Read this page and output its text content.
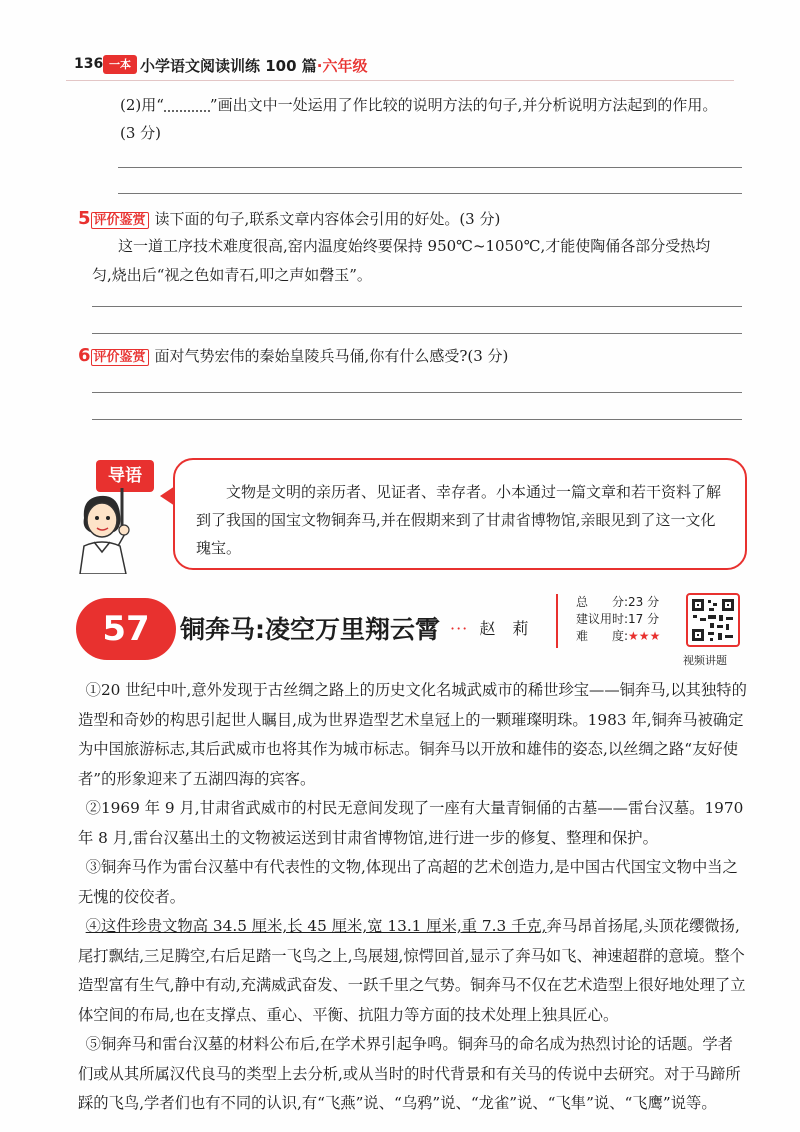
136 一本 小学语文阅读训练 100 篇·六年级
(2)用“	”画出文中一处运用了作比较的说明方法的句子,并分析说明方法起到的作用。
(3 分)
5 评价鉴赏 读下面的句子,联系文章内容体会引用的好处。(3 分)
这一道工序技术难度很高,窑内温度始终要保持 950℃~1050℃,才能使陶俑各部分受热均
匀,烧出后“视之色如青石,叩之声如磬玉”。
6 评价鉴赏 面对气势宏伟的秦始皇陵兵马俑,你有什么感受?(3 分)
导语
文物是文明的亲历者、见证者、幸存者。小本通过一篇文章和若干资料了解到了我国的国宝文物铜奔马,并在假期来到了甘肃省博物馆,亲眼见到了这一文化瑰宝。
57	铜奔马:凌空万里翔云霄 ··· 赵 莉
总　　分:23 分
建议用时:17 分
难　　度:★★★
视频讲题

①20 世纪中叶,意外发现于古丝绸之路上的历史文化名城武威市的稀世珍宝——铜奔马,以其独特的造型和奇妙的构思引起世人瞩目,成为世界造型艺术皇冠上的一颗璀璨明珠。1983 年,铜奔马被确定为中国旅游标志,其后武威市也将其作为城市标志。铜奔马以开放和雄伟的姿态,以丝绸之路“友好使者”的形象迎来了五湖四海的宾客。

②1969 年 9 月,甘肃省武威市的村民无意间发现了一座有大量青铜俑的古墓——雷台汉墓。1970 年 8 月,雷台汉墓出土的文物被运送到甘肃省博物馆,进行进一步的修复、整理和保护。

③铜奔马作为雷台汉墓中有代表性的文物,体现出了高超的艺术创造力,是中国古代国宝文物中当之无愧的佼佼者。

④这件珍贵文物高 34.5 厘米,长 45 厘米,宽 13.1 厘米,重 7.3 千克,奔马昂首扬尾,头顶花缨微扬,尾打飘结,三足腾空,右后足踏一飞鸟之上,鸟展翅,惊愕回首,显示了奔马如飞、神速超群的意境。整个造型富有生气,静中有动,充满威武奋发、一跃千里之气势。铜奔马不仅在艺术造型上很好地处理了立体空间的布局,也在支撑点、重心、平衡、抗阻力等方面的技术处理上独具匠心。

⑤铜奔马和雷台汉墓的材料公布后,在学术界引起争鸣。铜奔马的命名成为热烈讨论的话题。学者们或从其所属汉代良马的类型上去分析,或从当时的时代背景和有关马的传说中去研究。对于马蹄所踩的飞鸟,学者们也有不同的认识,有“飞燕”说、“乌鸦”说、“龙雀”说、“飞隼”说、“飞鹰”说等。
